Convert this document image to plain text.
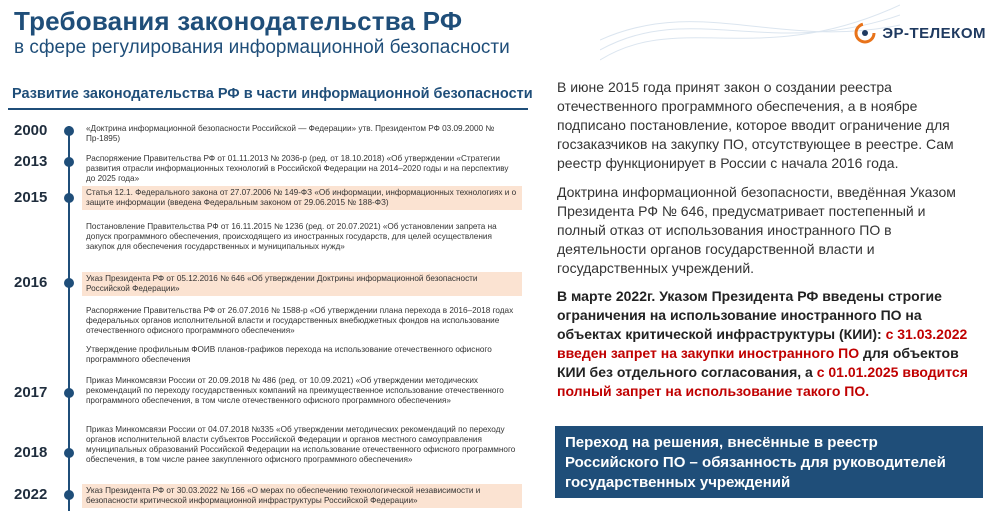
Требования законодательства РФ
в сфере регулирования информационной безопасности
ЭР-ТЕЛЕКОМ
Развитие законодательства РФ в части информационной безопасности
2000
2013
2015
2016
2017
2018
2022
«Доктрина информационной безопасности Российской — Федерации» утв. Президентом РФ 03.09.2000 № Пр-1895)
Распоряжение Правительства РФ от 01.11.2013 № 2036-р (ред. от 18.10.2018) «Об утверждении «Стратегии развития отрасли информационных технологий в Российской Федерации на 2014–2020 годы и на перспективу до 2025 года»
Статья 12.1. Федерального закона от 27.07.2006 № 149-ФЗ «Об информации, информационных технологиях и о защите информации (введена Федеральным законом от 29.06.2015 № 188-ФЗ)
Постановление Правительства РФ от 16.11.2015 № 1236 (ред. от 20.07.2021) «Об установлении запрета на допуск программного обеспечения, происходящего из иностранных государств, для целей осуществления закупок для обеспечения государственных и муниципальных нужд»
Указ Президента РФ от 05.12.2016 № 646 «Об утверждении Доктрины информационной безопасности Российской Федерации»
Распоряжение Правительства РФ от 26.07.2016 № 1588-р «Об утверждении плана перехода в 2016–2018 годах федеральных органов исполнительной власти и государственных внебюджетных фондов на использование отечественного офисного программного обеспечения»
Утверждение профильным ФОИВ планов-графиков перехода на использование отечественного офисного программного обеспечения
Приказ Минкомсвязи России от 20.09.2018 № 486 (ред. от 10.09.2021) «Об утверждении методических рекомендаций по переходу государственных компаний на преимущественное использование отечественного программного обеспечения, в том числе отечественного офисного программного обеспечения»
Приказ Минкомсвязи России от 04.07.2018 №335 «Об утверждении методических рекомендаций по переходу органов исполнительной власти субъектов Российской Федерации и органов местного самоуправления муниципальных образований Российской Федерации на использование отечественного офисного программного обеспечения, в том числе ранее закупленного офисного программного обеспечения»
Указ Президента РФ от 30.03.2022 № 166 «О мерах по обеспечению технологической независимости и безопасности критической информационной инфраструктуры Российской Федерации»
В июне 2015 года принят закон о создании реестра отечественного программного обеспечения, а в ноябре подписано постановление, которое вводит ограничение для госзаказчиков на закупку ПО, отсутствующее в реестре. Сам реестр функционирует в России с начала 2016 года.
Доктрина информационной безопасности, введённая Указом Президента РФ № 646, предусматривает постепенный и полный отказ от использования иностранного ПО в деятельности органов государственной власти и государственных учреждений.
В марте 2022г. Указом Президента РФ введены строгие ограничения на использование иностранного ПО на объектах критической инфраструктуры (КИИ): с 31.03.2022 введен запрет на закупки иностранного ПО для объектов КИИ без отдельного согласования, а с 01.01.2025 вводится полный запрет на использование такого ПО.
Переход на решения, внесённые в реестр Российского ПО – обязанность для руководителей государственных учреждений
